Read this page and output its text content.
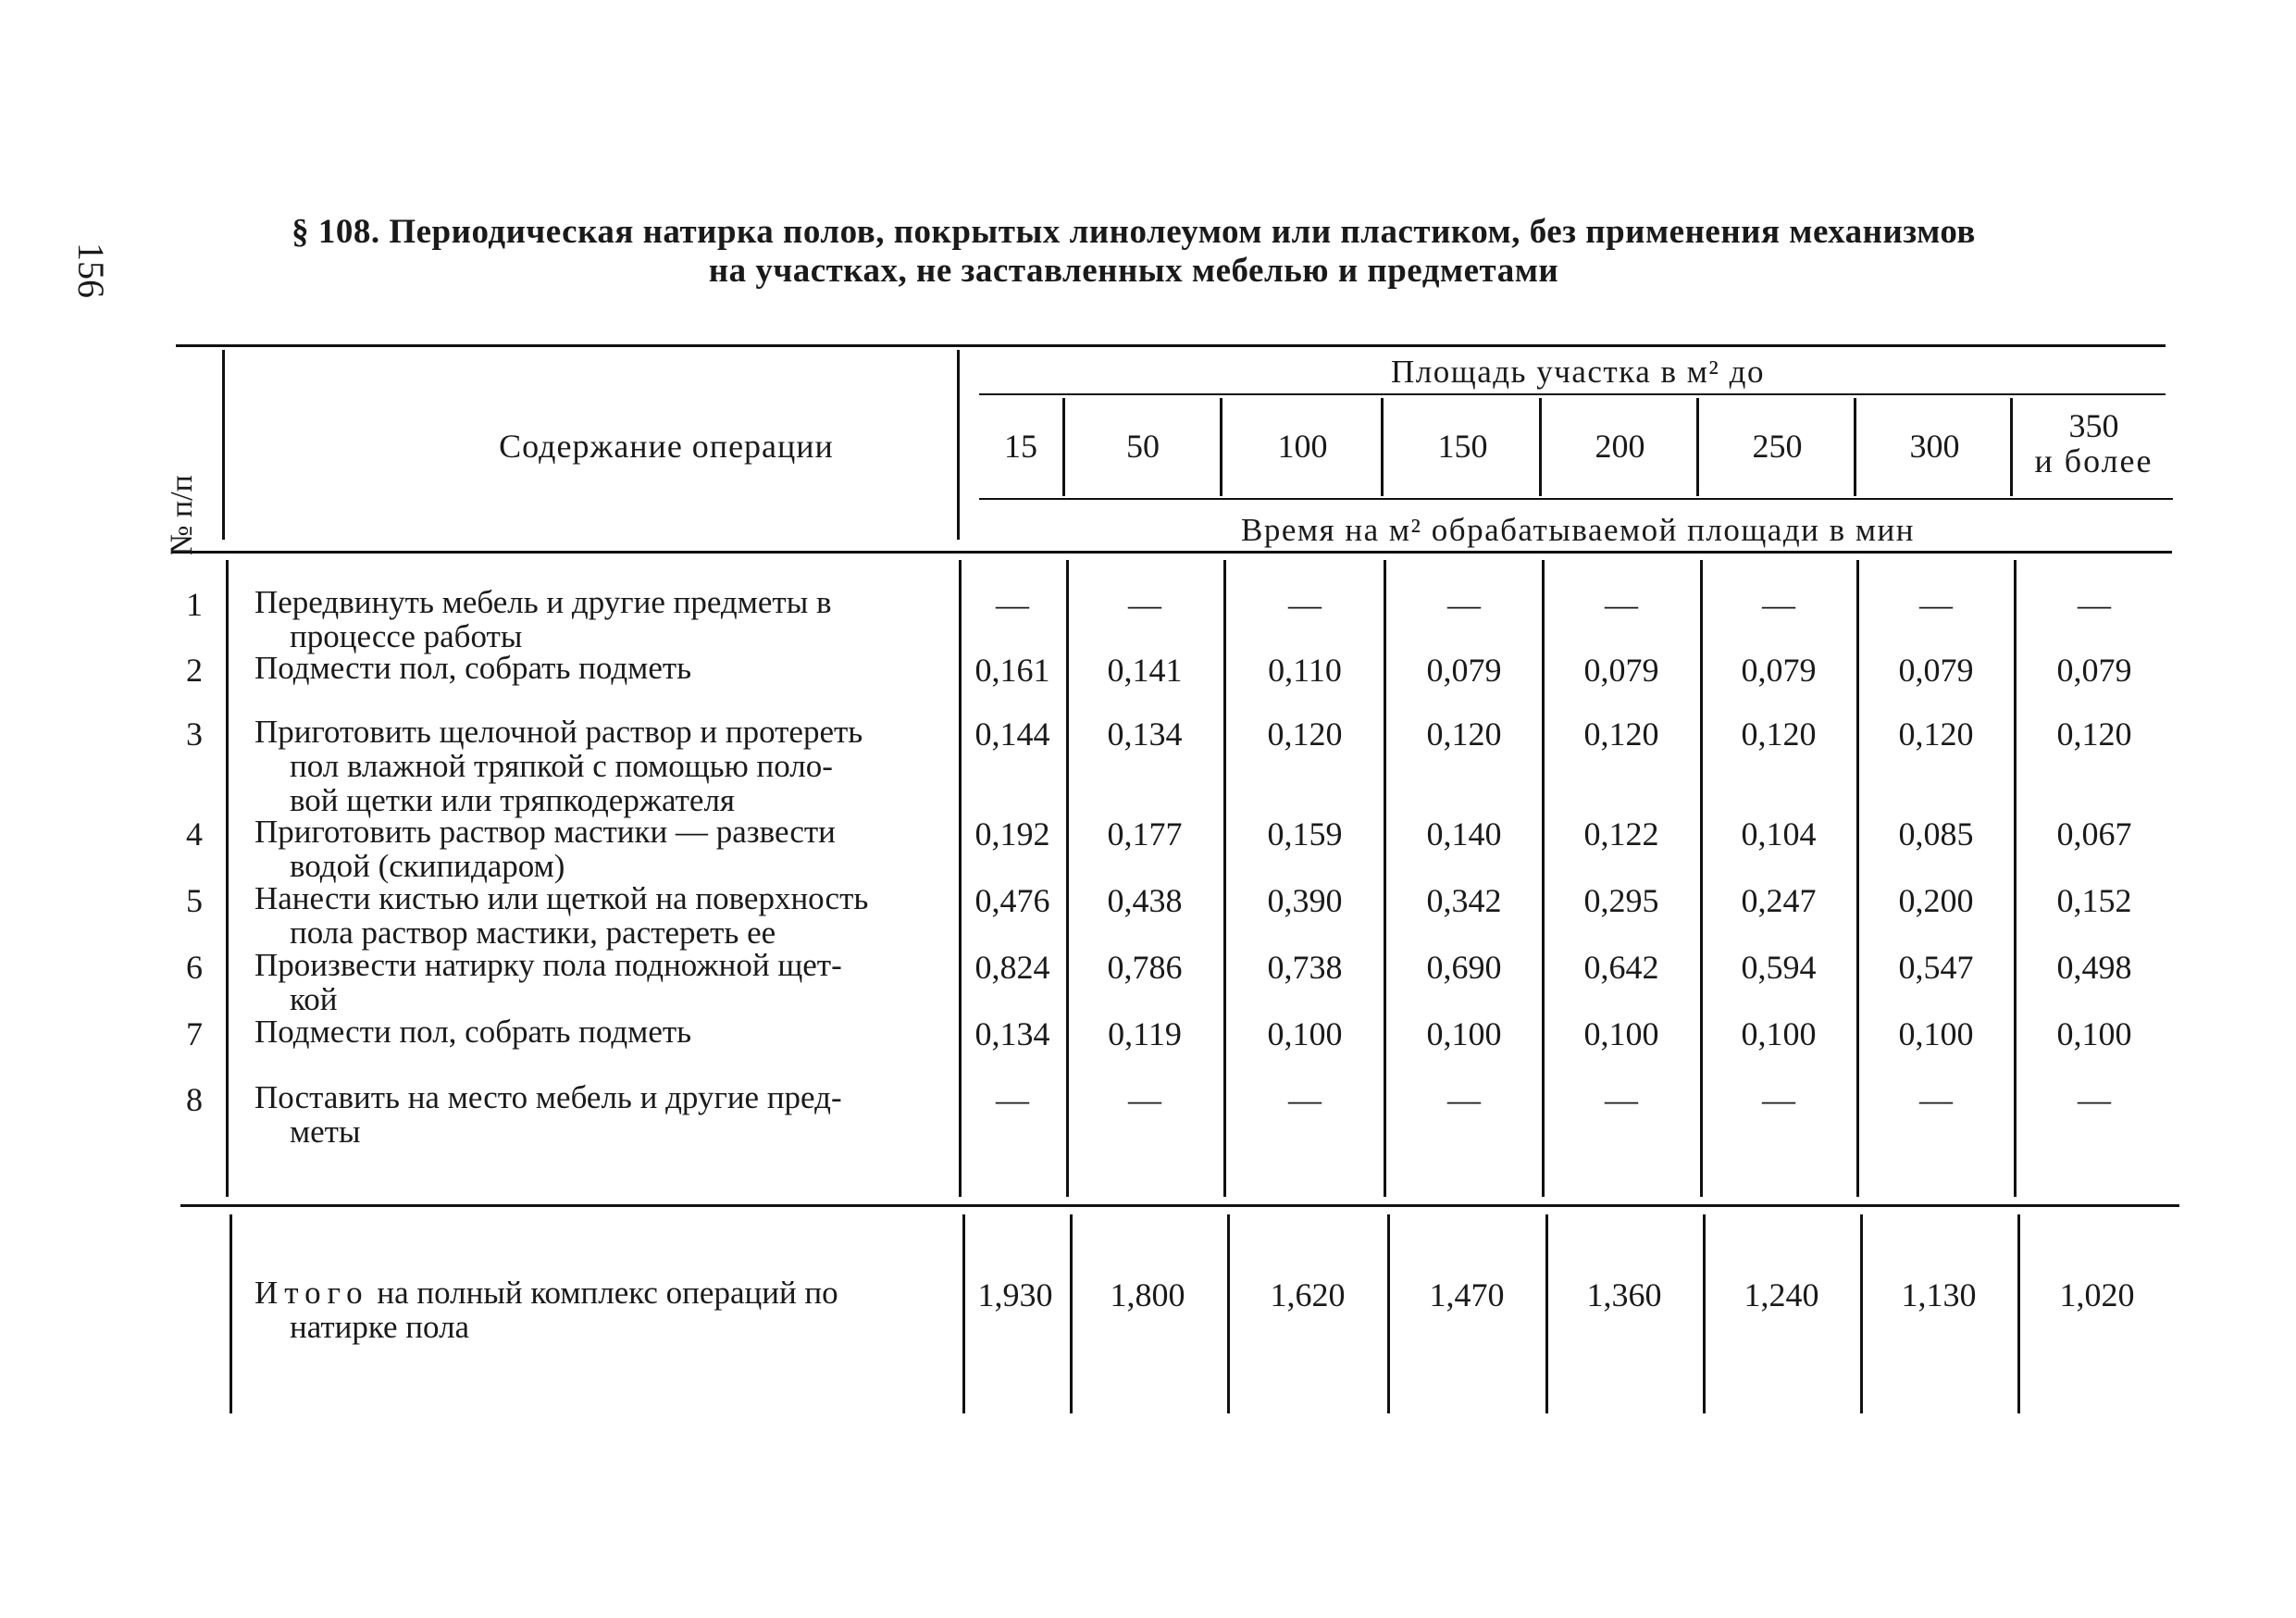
156
§ 108. Периодическая натирка полов, покрытых линолеумом или пластиком, без применения механизмов
на участках, не заставленных мебелью и предметами
№ п/п
Содержание операции
Площадь участка в м² до
Время на м² обрабатываемой площади в мин
15	50	100	150	200	250	300
350
и более
1	Передвинуть мебель и другие предметы в
процессе работы
—	—	—	—	—	—	—	—
2	Подмести пол, собрать подметь	0,161	0,141	0,110	0,079	0,079	0,079	0,079	0,079
3	Приготовить щелочной раствор и протереть
пол влажной тряпкой с помощью поло-
вой щетки или тряпкодержателя
0,144	0,134	0,120	0,120	0,120	0,120	0,120	0,120
4	Приготовить раствор мастики — развести
водой (скипидаром)
0,192	0,177	0,159	0,140	0,122	0,104	0,085	0,067
5	Нанести кистью или щеткой на поверхность
пола раствор мастики, растереть ее
0,476	0,438	0,390	0,342	0,295	0,247	0,200	0,152
6	Произвести натирку пола подножной щет-
кой
0,824	0,786	0,738	0,690	0,642	0,594	0,547	0,498
7	Подмести пол, собрать подметь	0,134	0,119	0,100	0,100	0,100	0,100	0,100	0,100
8	Поставить на место мебель и другие пред-
меты
—	—	—	—	—	—	—	—
Итого на полный комплекс операций по
натирке пола
1,930	1,800	1,620	1,470	1,360	1,240	1,130	1,020
